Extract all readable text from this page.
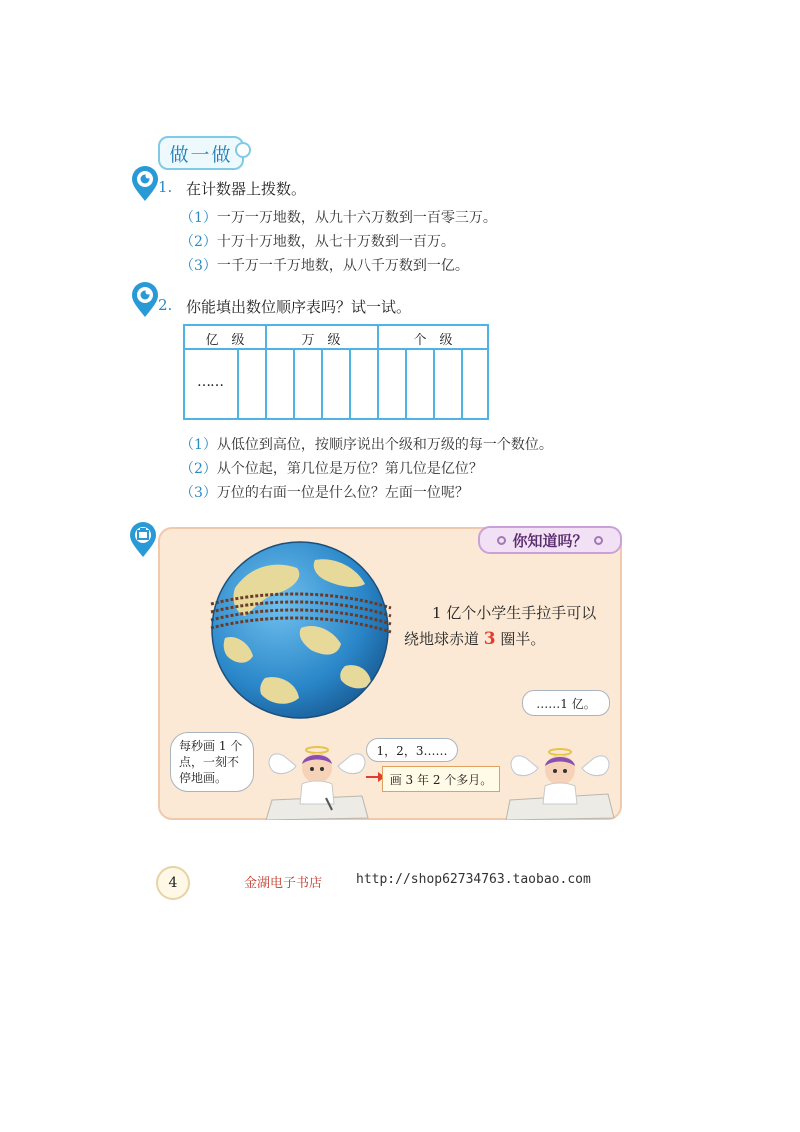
做一做
1. 在计数器上拨数。
（1）一万一万地数，从九十六万数到一百零三万。
（2）十万十万地数，从七十万数到一百万。
（3）一千万一千万地数，从八千万数到一亿。
2. 你能填出数位顺序表吗？试一试。
亿　级	万　级	个　级
……
（1）从低位到高位，按顺序说出个级和万级的每一个数位。
（2）从个位起，第几位是万位？第几位是亿位？
（3）万位的右面一位是什么位？左面一位呢？
你知道吗？
1 亿个小学生手拉手可以
绕地球赤道 3 圈半。
……1 亿。
每秒画 1 个点，一刻不停地画。
1，2，3……
画 3 年 2 个多月。
4	金湖电子书店	http://shop62734763.taobao.com
